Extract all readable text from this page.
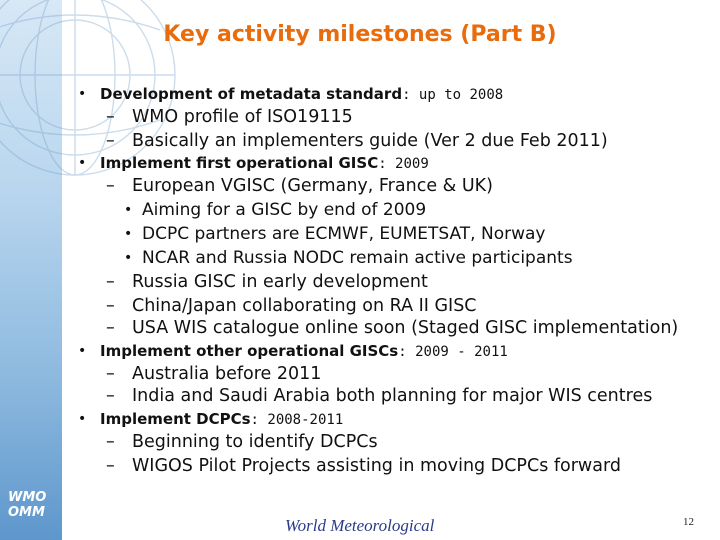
WMO
OMM
Key activity milestones (Part B)
• Development of metadata standard: up to 2008
– WMO profile of ISO19115
– Basically an implementers guide (Ver 2 due Feb 2011)
• Implement first operational GISC: 2009
– European VGISC (Germany, France & UK)
• Aiming for a GISC by end of 2009
• DCPC partners are ECMWF, EUMETSAT, Norway
• NCAR and Russia NODC remain active participants
– Russia GISC in early development
– China/Japan collaborating on RA II GISC
– USA WIS catalogue online soon (Staged GISC implementation)
• Implement other operational GISCs: 2009 - 2011
– Australia before 2011
– India and Saudi Arabia both planning for major WIS centres
• Implement DCPCs: 2008-2011
– Beginning to identify DCPCs
– WIGOS Pilot Projects assisting in moving DCPCs forward
World Meteorological	12
